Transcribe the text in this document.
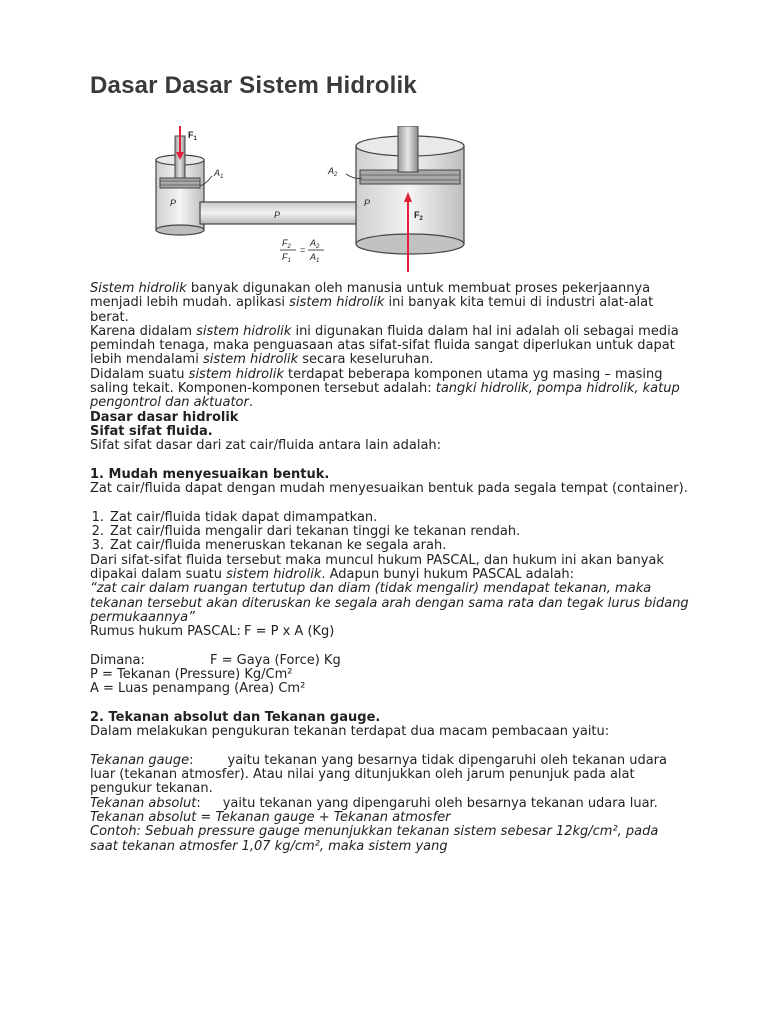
Dasar Dasar Sistem Hidrolik
$F_1$
$A_1$
P
P
P
$A_2$
$F_2$
$F_2$
$F_1$
=
$A_2$
$A_1$

Sistem hidrolik banyak digunakan oleh manusia untuk membuat proses pekerjaannya menjadi lebih mudah. aplikasi sistem hidrolik ini banyak kita temui di industri alat-alat berat.

Karena didalam sistem hidrolik ini digunakan fluida dalam hal ini adalah oli sebagai media pemindah tenaga, maka penguasaan atas sifat-sifat fluida sangat diperlukan untuk dapat lebih mendalami sistem hidrolik secara keseluruhan.

Didalam suatu sistem hidrolik terdapat beberapa komponen utama yg masing – masing saling tekait. Komponen-komponen tersebut adalah: tangki hidrolik, pompa hidrolik, katup pengontrol dan aktuator.

Dasar dasar hidrolik

Sifat sifat fluida.

Sifat sifat dasar dari zat cair/fluida antara lain adalah:

1. Mudah menyesuaikan bentuk.

Zat cair/fluida dapat dengan mudah menyesuaikan bentuk pada segala tempat (container).

1. Zat cair/fluida tidak dapat dimampatkan.
2. Zat cair/fluida mengalir dari tekanan tinggi ke tekanan rendah.
3. Zat cair/fluida meneruskan tekanan ke segala arah.

Dari sifat-sifat fluida tersebut maka muncul hukum PASCAL, dan hukum ini akan banyak dipakai dalam suatu sistem hidrolik. Adapun bunyi hukum PASCAL adalah:

“zat cair dalam ruangan tertutup dan diam (tidak mengalir) mendapat tekanan, maka tekanan tersebut akan diteruskan ke segala arah dengan sama rata dan tegak lurus bidang permukaannya”

Rumus hukum PASCAL: F = P x A (Kg)

Dimana:	F = Gaya (Force) Kg

P = Tekanan (Pressure) Kg/Cm²

A = Luas penampang (Area) Cm²

2. Tekanan absolut dan Tekanan gauge.

Dalam melakukan pengukuran tekanan terdapat dua macam pembacaan yaitu:

Tekanan gauge:	yaitu tekanan yang besarnya tidak dipengaruhi oleh tekanan udara luar (tekanan atmosfer). Atau nilai yang ditunjukkan oleh jarum penunjuk pada alat pengukur tekanan.

Tekanan absolut: yaitu tekanan yang dipengaruhi oleh besarnya tekanan udara luar.

Tekanan absolut = Tekanan gauge + Tekanan atmosfer

Contoh: Sebuah pressure gauge menunjukkan tekanan sistem sebesar 12kg/cm², pada saat tekanan atmosfer 1,07 kg/cm², maka sistem yang
